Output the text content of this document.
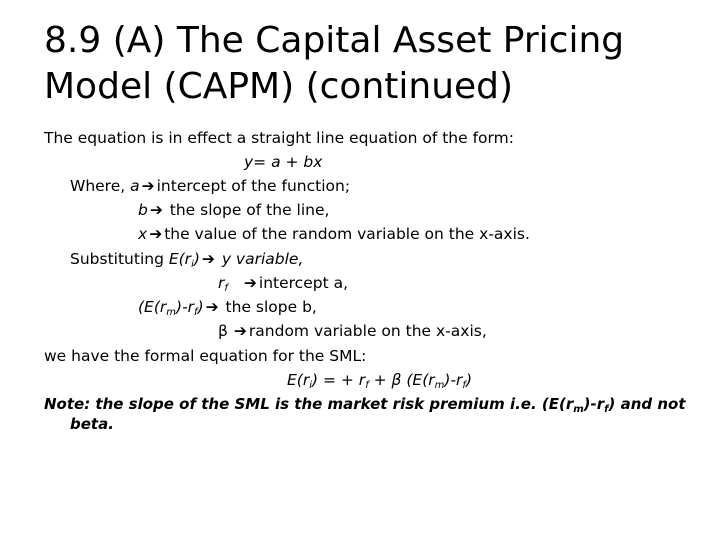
8.9 (A) The Capital Asset Pricing
Model (CAPM) (continued)
The equation is in effect a straight line equation of the form:
y= a + bx
Where, a ➔ intercept of the function;
b ➔ the slope of the line,
x ➔ the value of the random variable on the x-axis.
Substituting $E(r_i)$ ➔ y variable,
$r_f$ ➔ intercept a,
$(E(r_m)-r_f)$ ➔ the slope b,
β ➔ random variable on the x-axis,
we have the formal equation for the SML:
$E(r_i)$ = + $r_f + \beta$ $(E(r_m)-r_f)$
Note: the slope of the SML is the market risk premium i.e. $(E(r_m)-r_f)$ and not
beta.
